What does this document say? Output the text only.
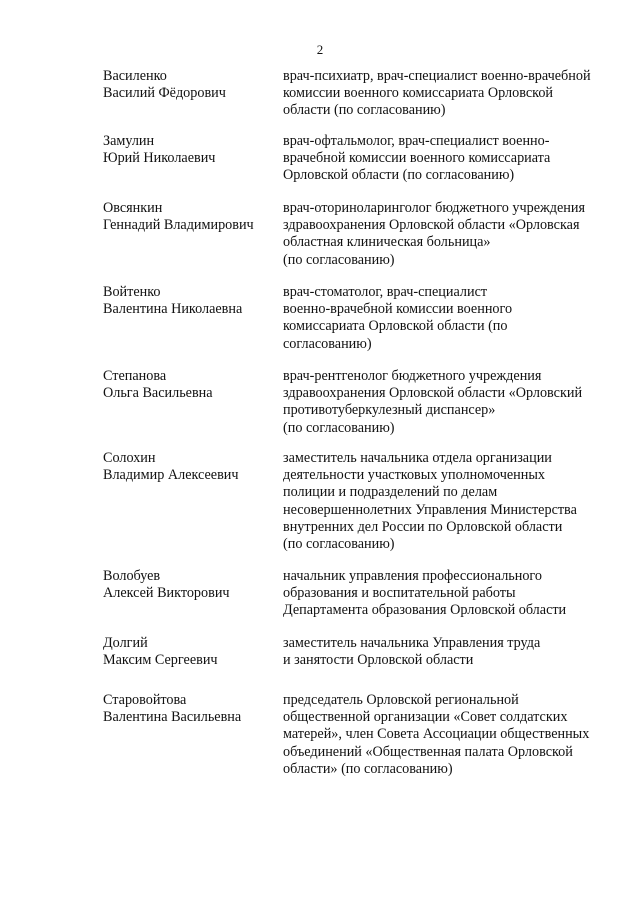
2
Василенко
Василий Фёдорович
врач-психиатр, врач-специалист военно-врачебной
комиссии военного комиссариата Орловской
области (по согласованию)
Замулин
Юрий Николаевич
врач-офтальмолог, врач-специалист военно-
врачебной комиссии военного комиссариата
Орловской области (по согласованию)
Овсянкин
Геннадий Владимирович
врач-оториноларинголог бюджетного учреждения
здравоохранения Орловской области «Орловская
областная клиническая больница»
(по согласованию)
Войтенко
Валентина Николаевна
врач-стоматолог, врач-специалист
военно-врачебной комиссии военного
комиссариата Орловской области (по
согласованию)
Степанова
Ольга Васильевна
врач-рентгенолог бюджетного учреждения
здравоохранения Орловской области «Орловский
противотуберкулезный диспансер»
(по согласованию)
Солохин
Владимир Алексеевич
заместитель начальника отдела организации
деятельности участковых уполномоченных
полиции и подразделений по делам
несовершеннолетних Управления Министерства
внутренних дел России по Орловской области
(по согласованию)
Волобуев
Алексей Викторович
начальник управления профессионального
образования и воспитательной работы
Департамента образования Орловской области
Долгий
Максим Сергеевич
заместитель начальника Управления труда
и занятости Орловской области
Старовойтова
Валентина Васильевна
председатель Орловской региональной
общественной организации «Совет солдатских
матерей», член Совета Ассоциации общественных
объединений «Общественная палата Орловской
области» (по согласованию)
